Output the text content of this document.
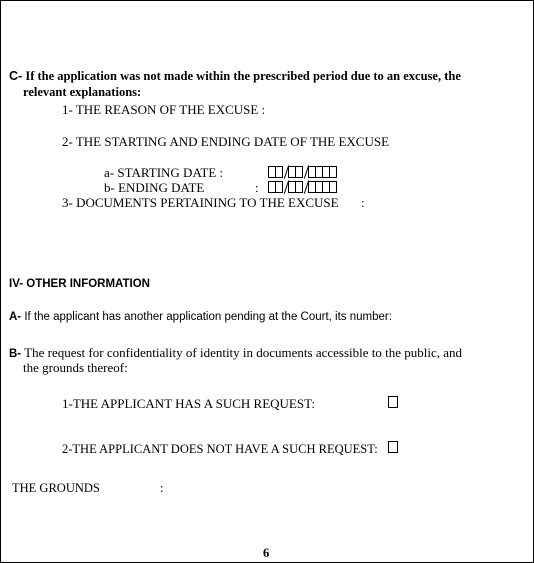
C- If the application was not made within the prescribed period due to an excuse, the
relevant explanations:
1- THE REASON OF THE EXCUSE :
2- THE STARTING AND ENDING DATE OF THE EXCUSE
a- STARTING DATE :
b- ENDING DATE	:
3- DOCUMENTS PERTAINING TO THE EXCUSE :
IV- OTHER INFORMATION
A- If the applicant has another application pending at the Court, its number:
B- The request for confidentiality of identity in documents accessible to the public, and
the grounds thereof:
1-THE APPLICANT HAS A SUCH REQUEST:
2-THE APPLICANT DOES NOT HAVE A SUCH REQUEST:
THE GROUNDS	:
6
